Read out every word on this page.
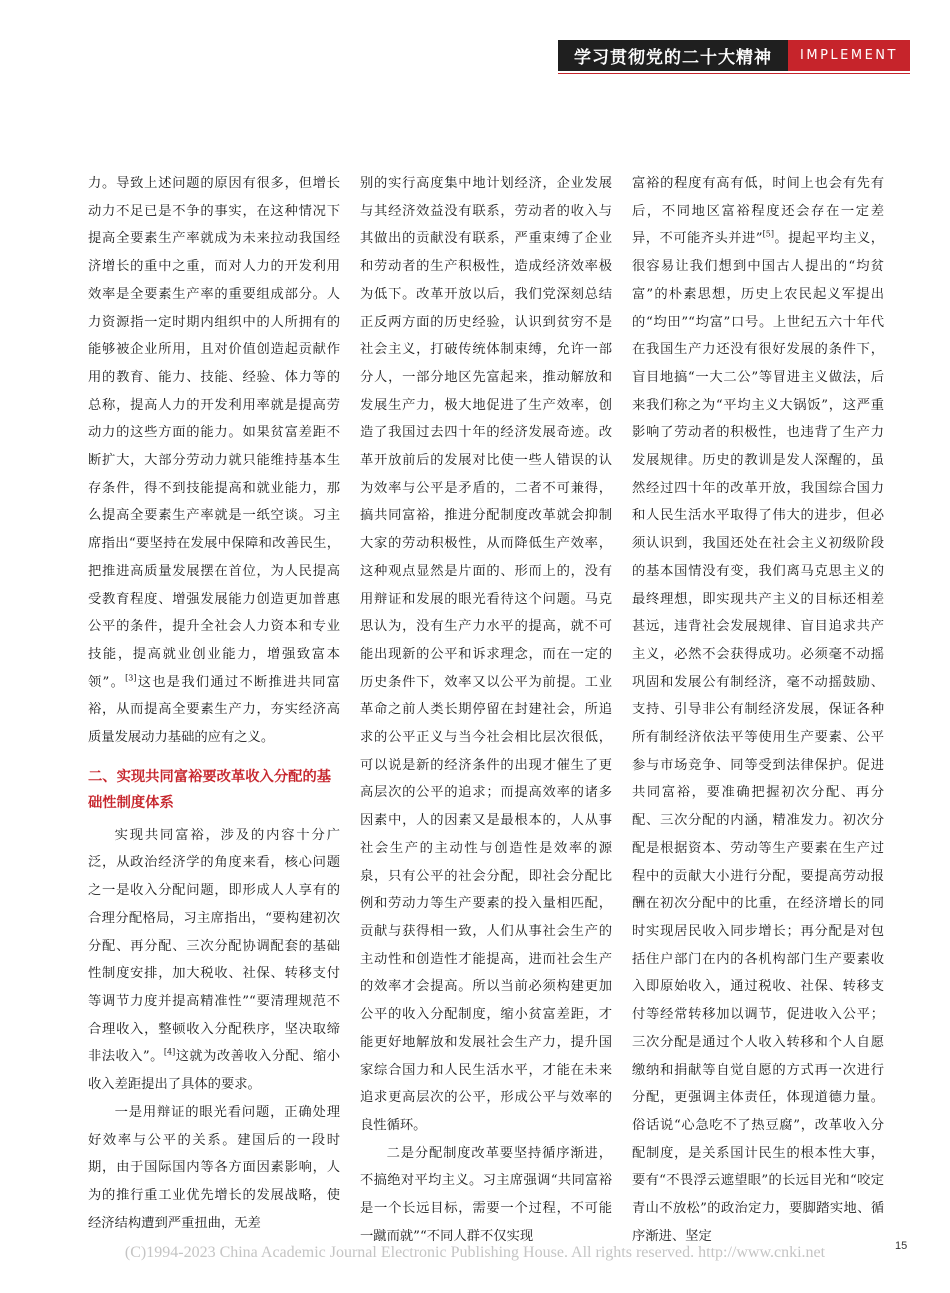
学习贯彻党的二十大精神	IMPLEMENT

力。导致上述问题的原因有很多，但增长动力不足已是不争的事实，在这种情况下提高全要素生产率就成为未来拉动我国经济增长的重中之重，而对人力的开发利用效率是全要素生产率的重要组成部分。人力资源指一定时期内组织中的人所拥有的能够被企业所用，且对价值创造起贡献作用的教育、能力、技能、经验、体力等的总称，提高人力的开发利用率就是提高劳动力的这些方面的能力。如果贫富差距不断扩大，大部分劳动力就只能维持基本生存条件，得不到技能提高和就业能力，那么提高全要素生产率就是一纸空谈。习主席指出“要坚持在发展中保障和改善民生，把推进高质量发展摆在首位，为人民提高受教育程度、增强发展能力创造更加普惠公平的条件，提升全社会人力资本和专业技能，提高就业创业能力，增强致富本领”。[3]这也是我们通过不断推进共同富裕，从而提高全要素生产力，夯实经济高质量发展动力基础的应有之义。

二、实现共同富裕要改革收入分配的基础性制度体系

实现共同富裕，涉及的内容十分广泛，从政治经济学的角度来看，核心问题之一是收入分配问题，即形成人人享有的合理分配格局，习主席指出，“要构建初次分配、再分配、三次分配协调配套的基础性制度安排，加大税收、社保、转移支付等调节力度并提高精准性”“要清理规范不合理收入，整顿收入分配秩序，坚决取缔非法收入”。[4]这就为改善收入分配、缩小收入差距提出了具体的要求。

一是用辩证的眼光看问题，正确处理好效率与公平的关系。建国后的一段时期，由于国际国内等各方面因素影响，人为的推行重工业优先增长的发展战略，使经济结构遭到严重扭曲，无差

别的实行高度集中地计划经济，企业发展与其经济效益没有联系，劳动者的收入与其做出的贡献没有联系，严重束缚了企业和劳动者的生产积极性，造成经济效率极为低下。改革开放以后，我们党深刻总结正反两方面的历史经验，认识到贫穷不是社会主义，打破传统体制束缚，允许一部分人，一部分地区先富起来，推动解放和发展生产力，极大地促进了生产效率，创造了我国过去四十年的经济发展奇迹。改革开放前后的发展对比使一些人错误的认为效率与公平是矛盾的，二者不可兼得，搞共同富裕，推进分配制度改革就会抑制大家的劳动积极性，从而降低生产效率，这种观点显然是片面的、形而上的，没有用辩证和发展的眼光看待这个问题。马克思认为，没有生产力水平的提高，就不可能出现新的公平和诉求理念，而在一定的历史条件下，效率又以公平为前提。工业革命之前人类长期停留在封建社会，所追求的公平正义与当今社会相比层次很低，可以说是新的经济条件的出现才催生了更高层次的公平的追求；而提高效率的诸多因素中，人的因素又是最根本的，人从事社会生产的主动性与创造性是效率的源泉，只有公平的社会分配，即社会分配比例和劳动力等生产要素的投入量相匹配，贡献与获得相一致，人们从事社会生产的主动性和创造性才能提高，进而社会生产的效率才会提高。所以当前必须构建更加公平的收入分配制度，缩小贫富差距，才能更好地解放和发展社会生产力，提升国家综合国力和人民生活水平，才能在未来追求更高层次的公平，形成公平与效率的良性循环。

二是分配制度改革要坚持循序渐进，不搞绝对平均主义。习主席强调“共同富裕是一个长远目标，需要一个过程，不可能一蹴而就”“不同人群不仅实现

富裕的程度有高有低，时间上也会有先有后，不同地区富裕程度还会存在一定差异，不可能齐头并进”[5]。提起平均主义，很容易让我们想到中国古人提出的“均贫富”的朴素思想，历史上农民起义军提出的“均田”“均富”口号。上世纪五六十年代在我国生产力还没有很好发展的条件下，盲目地搞“一大二公”等冒进主义做法，后来我们称之为“平均主义大锅饭”，这严重影响了劳动者的积极性，也违背了生产力发展规律。历史的教训是发人深醒的，虽然经过四十年的改革开放，我国综合国力和人民生活水平取得了伟大的进步，但必须认识到，我国还处在社会主义初级阶段的基本国情没有变，我们离马克思主义的最终理想，即实现共产主义的目标还相差甚远，违背社会发展规律、盲目追求共产主义，必然不会获得成功。必须毫不动摇巩固和发展公有制经济，毫不动摇鼓励、支持、引导非公有制经济发展，保证各种所有制经济依法平等使用生产要素、公平参与市场竞争、同等受到法律保护。促进共同富裕，要准确把握初次分配、再分配、三次分配的内涵，精准发力。初次分配是根据资本、劳动等生产要素在生产过程中的贡献大小进行分配，要提高劳动报酬在初次分配中的比重，在经济增长的同时实现居民收入同步增长；再分配是对包括住户部门在内的各机构部门生产要素收入即原始收入，通过税收、社保、转移支付等经常转移加以调节，促进收入公平；三次分配是通过个人收入转移和个人自愿缴纳和捐献等自觉自愿的方式再一次进行分配，更强调主体责任，体现道德力量。俗话说“心急吃不了热豆腐”，改革收入分配制度，是关系国计民生的根本性大事，要有“不畏浮云遮望眼”的长远目光和“咬定青山不放松”的政治定力，要脚踏实地、循序渐进、坚定

(C)1994-2023 China Academic Journal Electronic Publishing House. All rights reserved. http://www.cnki.net	15
